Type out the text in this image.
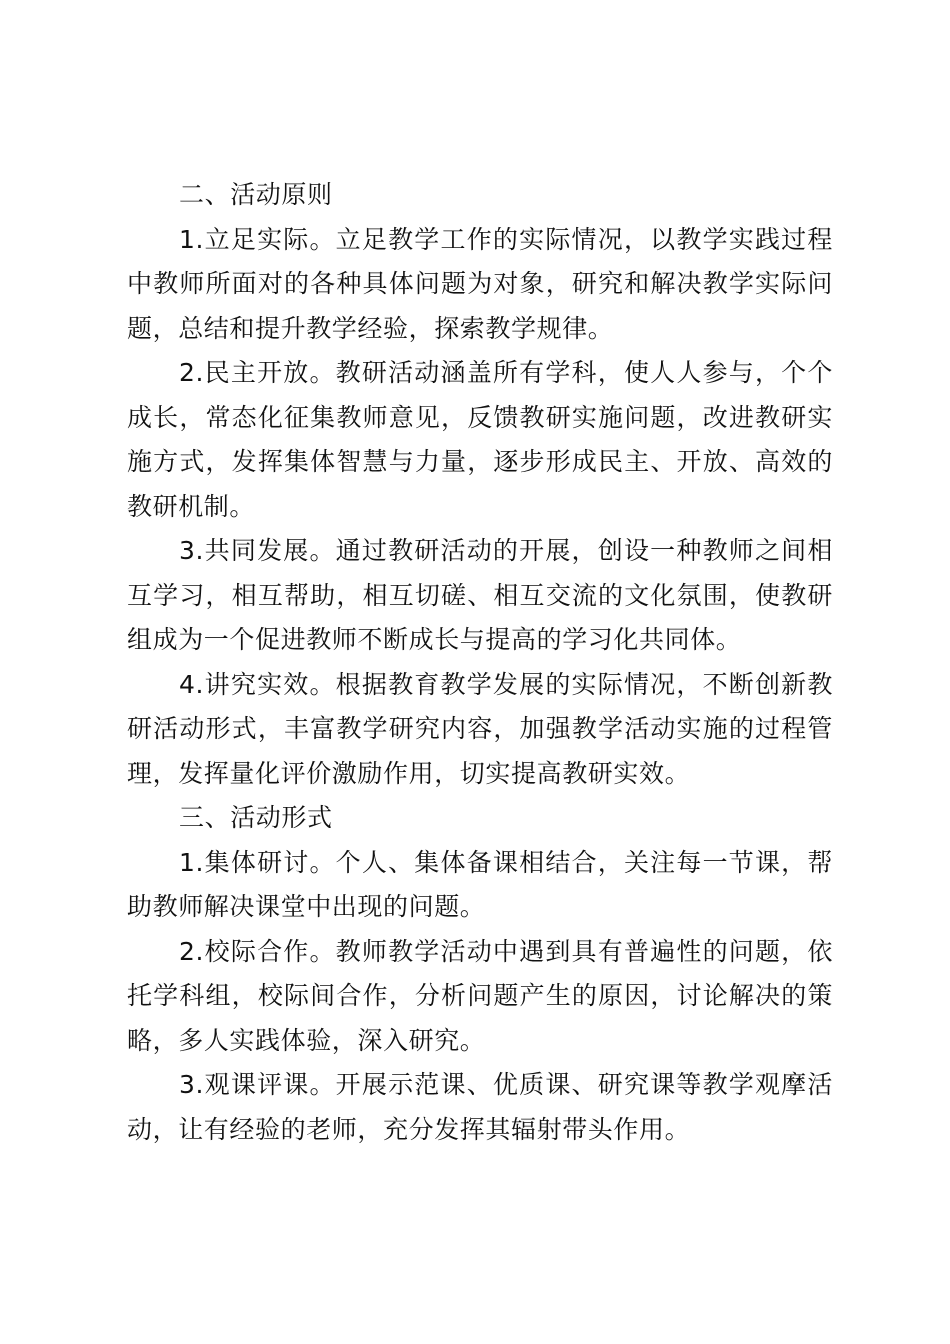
二、活动原则

1.立足实际。立足教学工作的实际情况，以教学实践过程中教师所面对的各种具体问题为对象，研究和解决教学实际问题，总结和提升教学经验，探索教学规律。

2.民主开放。教研活动涵盖所有学科，使人人参与，个个成长，常态化征集教师意见，反馈教研实施问题，改进教研实施方式，发挥集体智慧与力量，逐步形成民主、开放、高效的教研机制。

3.共同发展。通过教研活动的开展，创设一种教师之间相互学习，相互帮助，相互切磋、相互交流的文化氛围，使教研组成为一个促进教师不断成长与提高的学习化共同体。

4.讲究实效。根据教育教学发展的实际情况，不断创新教研活动形式，丰富教学研究内容，加强教学活动实施的过程管理，发挥量化评价激励作用，切实提高教研实效。

三、活动形式

1.集体研讨。个人、集体备课相结合，关注每一节课，帮助教师解决课堂中出现的问题。

2.校际合作。教师教学活动中遇到具有普遍性的问题，依托学科组，校际间合作，分析问题产生的原因，讨论解决的策略，多人实践体验，深入研究。

3.观课评课。开展示范课、优质课、研究课等教学观摩活动，让有经验的老师，充分发挥其辐射带头作用。
